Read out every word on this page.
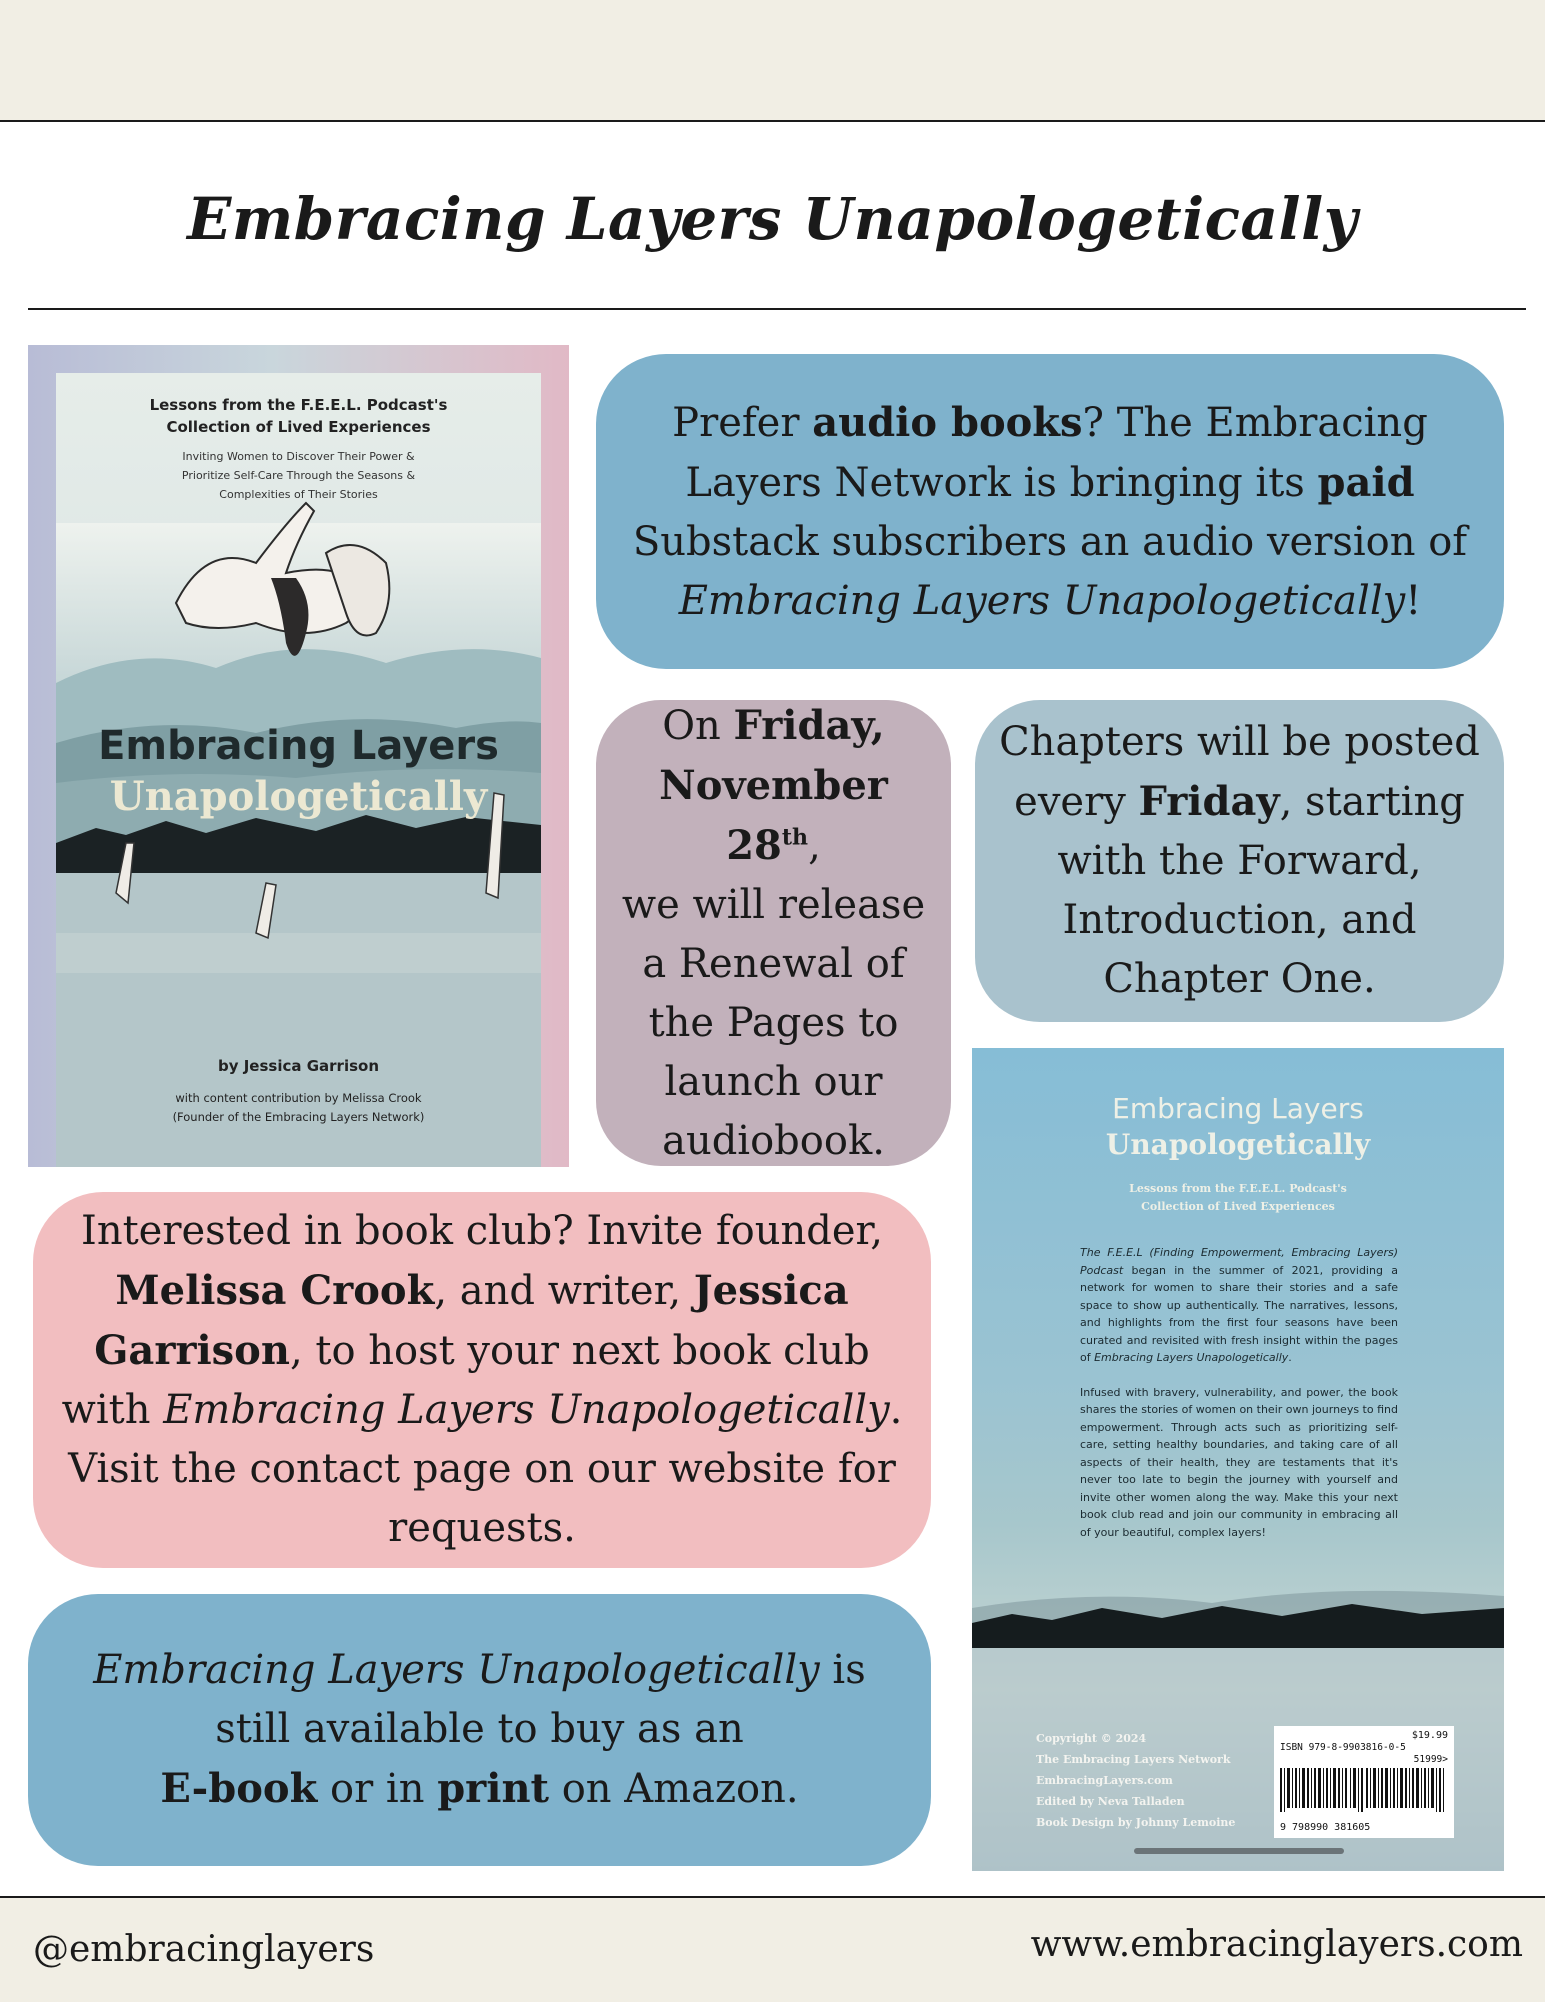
Embracing Layers Unapologetically
Lessons from the F.E.E.L. Podcast's
Collection of Lived Experiences
Inviting Women to Discover Their Power &
Prioritize Self-Care Through the Seasons &
Complexities of Their Stories
Embracing Layers
Unapologetically
by Jessica Garrison
with content contribution by Melissa Crook
(Founder of the Embracing Layers Network)

Prefer audio books? The Embracing Layers Network is bringing its paid Substack subscribers an audio version of
Embracing Layers Unapologetically!

On Friday,
November 28th,
we will release a Renewal of the Pages to launch our audiobook.

Chapters will be posted every Friday, starting with the Forward, Introduction, and Chapter One.

Interested in book club? Invite founder,
Melissa Crook, and writer, Jessica Garrison, to host your next book club with Embracing Layers Unapologetically. Visit the contact page on our website for requests.

Embracing Layers Unapologetically is still available to buy as an
E-book or in print on Amazon.

Embracing Layers
Unapologetically
Lessons from the F.E.E.L. Podcast's
Collection of Lived Experiences

The F.E.E.L (Finding Empowerment, Embracing Layers) Podcast began in the summer of 2021, providing a network for women to share their stories and a safe space to show up authentically. The narratives, lessons, and highlights from the first four seasons have been curated and revisited with fresh insight within the pages of Embracing Layers Unapologetically.

Infused with bravery, vulnerability, and power, the book shares the stories of women on their own journeys to find empowerment. Through acts such as prioritizing self-care, setting healthy boundaries, and taking care of all aspects of their health, they are testaments that it's never too late to begin the journey with yourself and invite other women along the way. Make this your next book club read and join our community in embracing all of your beautiful, complex layers!

Copyright © 2024
The Embracing Layers Network
EmbracingLayers.com
Edited by Neva Talladen
Book Design by Johnny Lemoine
$19.99
ISBN 979-8-9903816-0-5
51999>
9 798990 381605
@embracinglayers	www.embracinglayers.com
